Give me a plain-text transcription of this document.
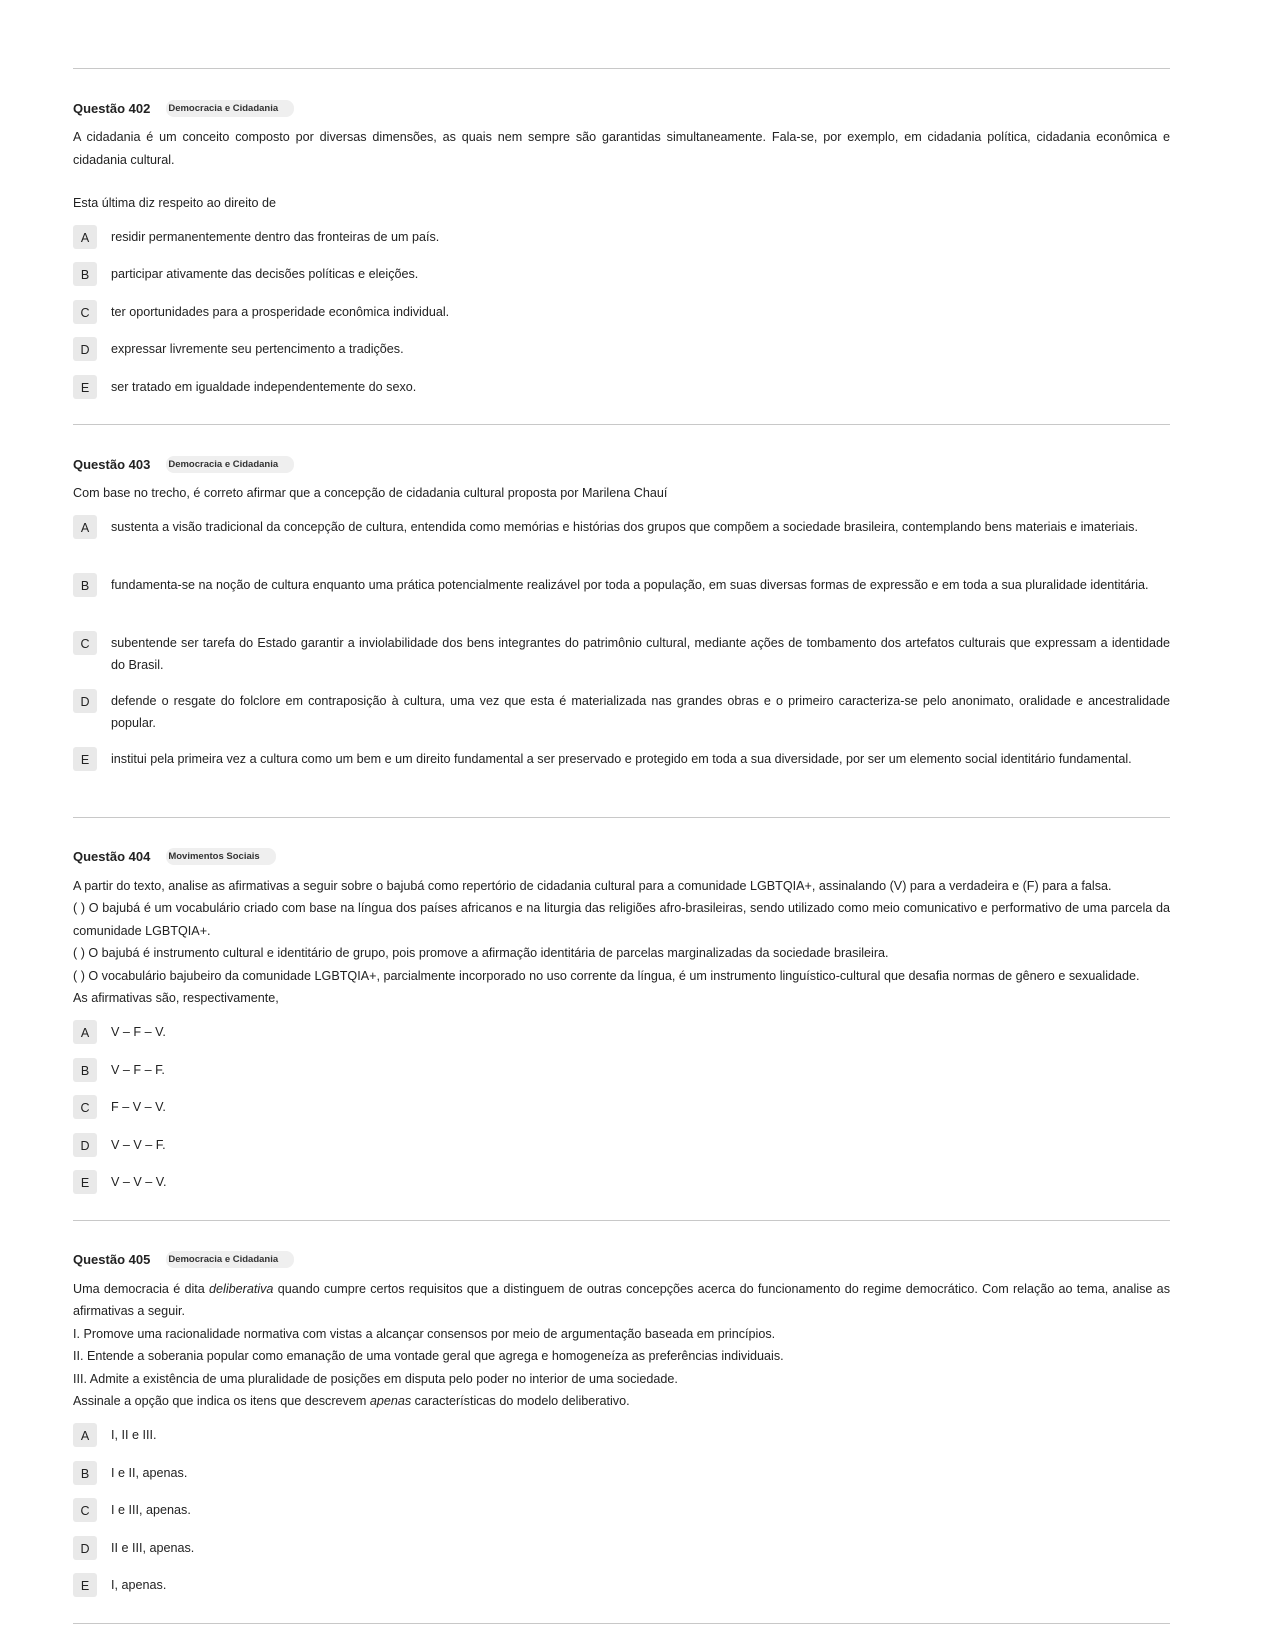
Questão 402 Democracia e Cidadania

A cidadania é um conceito composto por diversas dimensões, as quais nem sempre são garantidas simultaneamente. Fala-se, por exemplo, em cidadania política, cidadania econômica e cidadania cultural.

Esta última diz respeito ao direito de

A	residir permanentemente dentro das fronteiras de um país.
B	participar ativamente das decisões políticas e eleições.
C	ter oportunidades para a prosperidade econômica individual.
D	expressar livremente seu pertencimento a tradições.
E	ser tratado em igualdade independentemente do sexo.
Questão 403 Democracia e Cidadania

Com base no trecho, é correto afirmar que a concepção de cidadania cultural proposta por Marilena Chauí

A	sustenta a visão tradicional da concepção de cultura, entendida como memórias e histórias dos grupos que compõem a sociedade brasileira, contemplando bens materiais e imateriais.
B	fundamenta-se na noção de cultura enquanto uma prática potencialmente realizável por toda a população, em suas diversas formas de expressão e em toda a sua pluralidade identitária.
C	subentende ser tarefa do Estado garantir a inviolabilidade dos bens integrantes do patrimônio cultural, mediante ações de tombamento dos artefatos culturais que expressam a identidade do Brasil.
D	defende o resgate do folclore em contraposição à cultura, uma vez que esta é materializada nas grandes obras e o primeiro caracteriza-se pelo anonimato, oralidade e ancestralidade popular.
E	institui pela primeira vez a cultura como um bem e um direito fundamental a ser preservado e protegido em toda a sua diversidade, por ser um elemento social identitário fundamental.
Questão 404 Movimentos Sociais

A partir do texto, analise as afirmativas a seguir sobre o bajubá como repertório de cidadania cultural para a comunidade LGBTQIA+, assinalando (V) para a verdadeira e (F) para a falsa.

( ) O bajubá é um vocabulário criado com base na língua dos países africanos e na liturgia das religiões afro-brasileiras, sendo utilizado como meio comunicativo e performativo de uma parcela da comunidade LGBTQIA+.

( ) O bajubá é instrumento cultural e identitário de grupo, pois promove a afirmação identitária de parcelas marginalizadas da sociedade brasileira.

( ) O vocabulário bajubeiro da comunidade LGBTQIA+, parcialmente incorporado no uso corrente da língua, é um instrumento linguístico-cultural que desafia normas de gênero e sexualidade.

As afirmativas são, respectivamente,

A	V – F – V.
B	V – F – F.
C	F – V – V.
D	V – V – F.
E	V – V – V.
Questão 405 Democracia e Cidadania

Uma democracia é dita deliberativa quando cumpre certos requisitos que a distinguem de outras concepções acerca do funcionamento do regime democrático. Com relação ao tema, analise as afirmativas a seguir.

I. Promove uma racionalidade normativa com vistas a alcançar consensos por meio de argumentação baseada em princípios.

II. Entende a soberania popular como emanação de uma vontade geral que agrega e homogeneíza as preferências individuais.

III. Admite a existência de uma pluralidade de posições em disputa pelo poder no interior de uma sociedade.

Assinale a opção que indica os itens que descrevem apenas características do modelo deliberativo.

A	I, II e III.
B	I e II, apenas.
C	I e III, apenas.
D	II e III, apenas.
E	I, apenas.
